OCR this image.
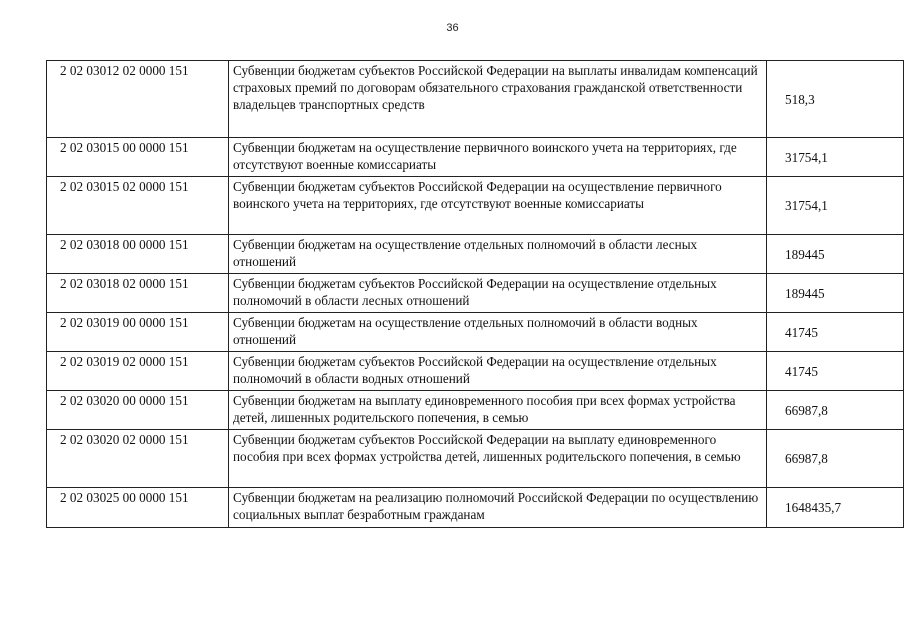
36
2 02 03012 02 0000 151	Субвенции бюджетам субъектов Российской Федерации на выплаты инвалидам компенсаций страховых премий по договорам обязательного страхования гражданской ответственности владельцев транспортных средств	518,3
2 02 03015 00 0000 151	Субвенции бюджетам на осуществление первичного воинского учета на территориях, где отсутствуют военные комиссариаты	31754,1
2 02 03015 02 0000 151	Субвенции бюджетам субъектов Российской Федерации на осуществление первичного воинского учета на территориях, где отсутствуют военные комиссариаты	31754,1
2 02 03018 00 0000 151	Субвенции бюджетам на осуществление отдельных полномочий в области лесных отношений	189445
2 02 03018 02 0000 151	Субвенции бюджетам субъектов Российской Федерации на осуществление отдельных полномочий в области лесных отношений	189445
2 02 03019 00 0000 151	Субвенции бюджетам на осуществление отдельных полномочий в области водных отношений	41745
2 02 03019 02 0000 151	Субвенции бюджетам субъектов Российской Федерации на осуществление отдельных полномочий в области водных отношений	41745
2 02 03020 00 0000 151	Субвенции бюджетам на выплату единовременного пособия при всех формах устройства детей, лишенных родительского попечения, в семью	66987,8
2 02 03020 02 0000 151	Субвенции бюджетам субъектов Российской Федерации на выплату единовременного пособия при всех формах устройства детей, лишенных родительского попечения, в семью	66987,8
2 02 03025 00 0000 151	Субвенции бюджетам на реализацию полномочий Российской Федерации по осуществлению социальных выплат безработным гражданам	1648435,7
